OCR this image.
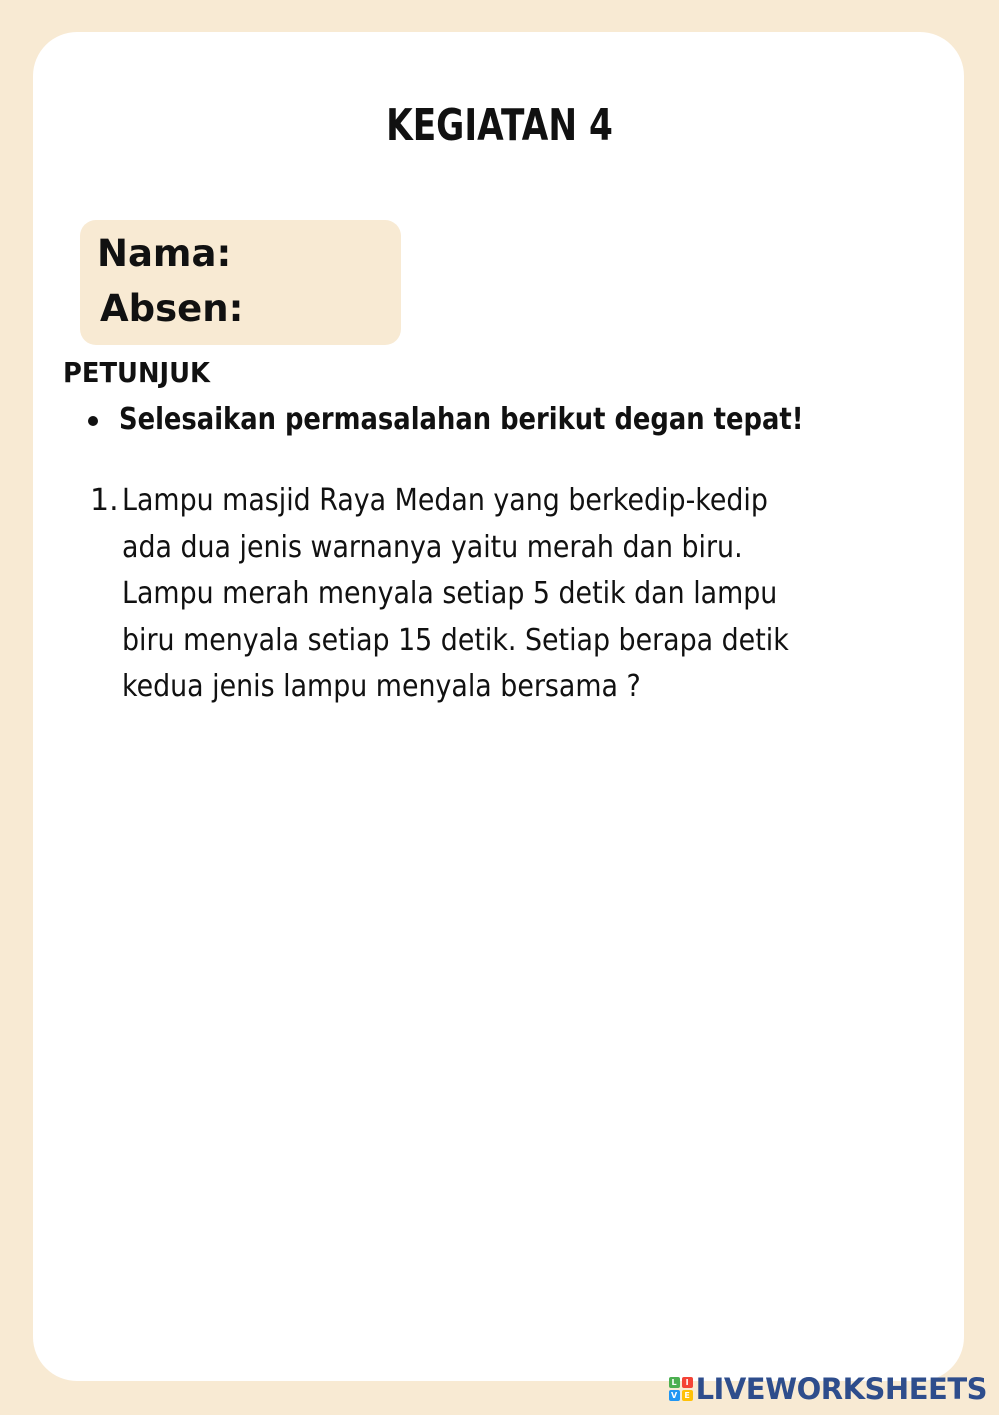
KEGIATAN 4
Nama:
Absen:
PETUNJUK
Selesaikan permasalahan berikut degan tepat!
1. Lampu masjid Raya Medan yang berkedip-kedip
ada dua jenis warnanya yaitu merah dan biru.
Lampu merah menyala setiap 5 detik dan lampu
biru menyala setiap 15 detik. Setiap berapa detik
kedua jenis lampu menyala bersama ?
L	I
V E LIVEWORKSHEETS
